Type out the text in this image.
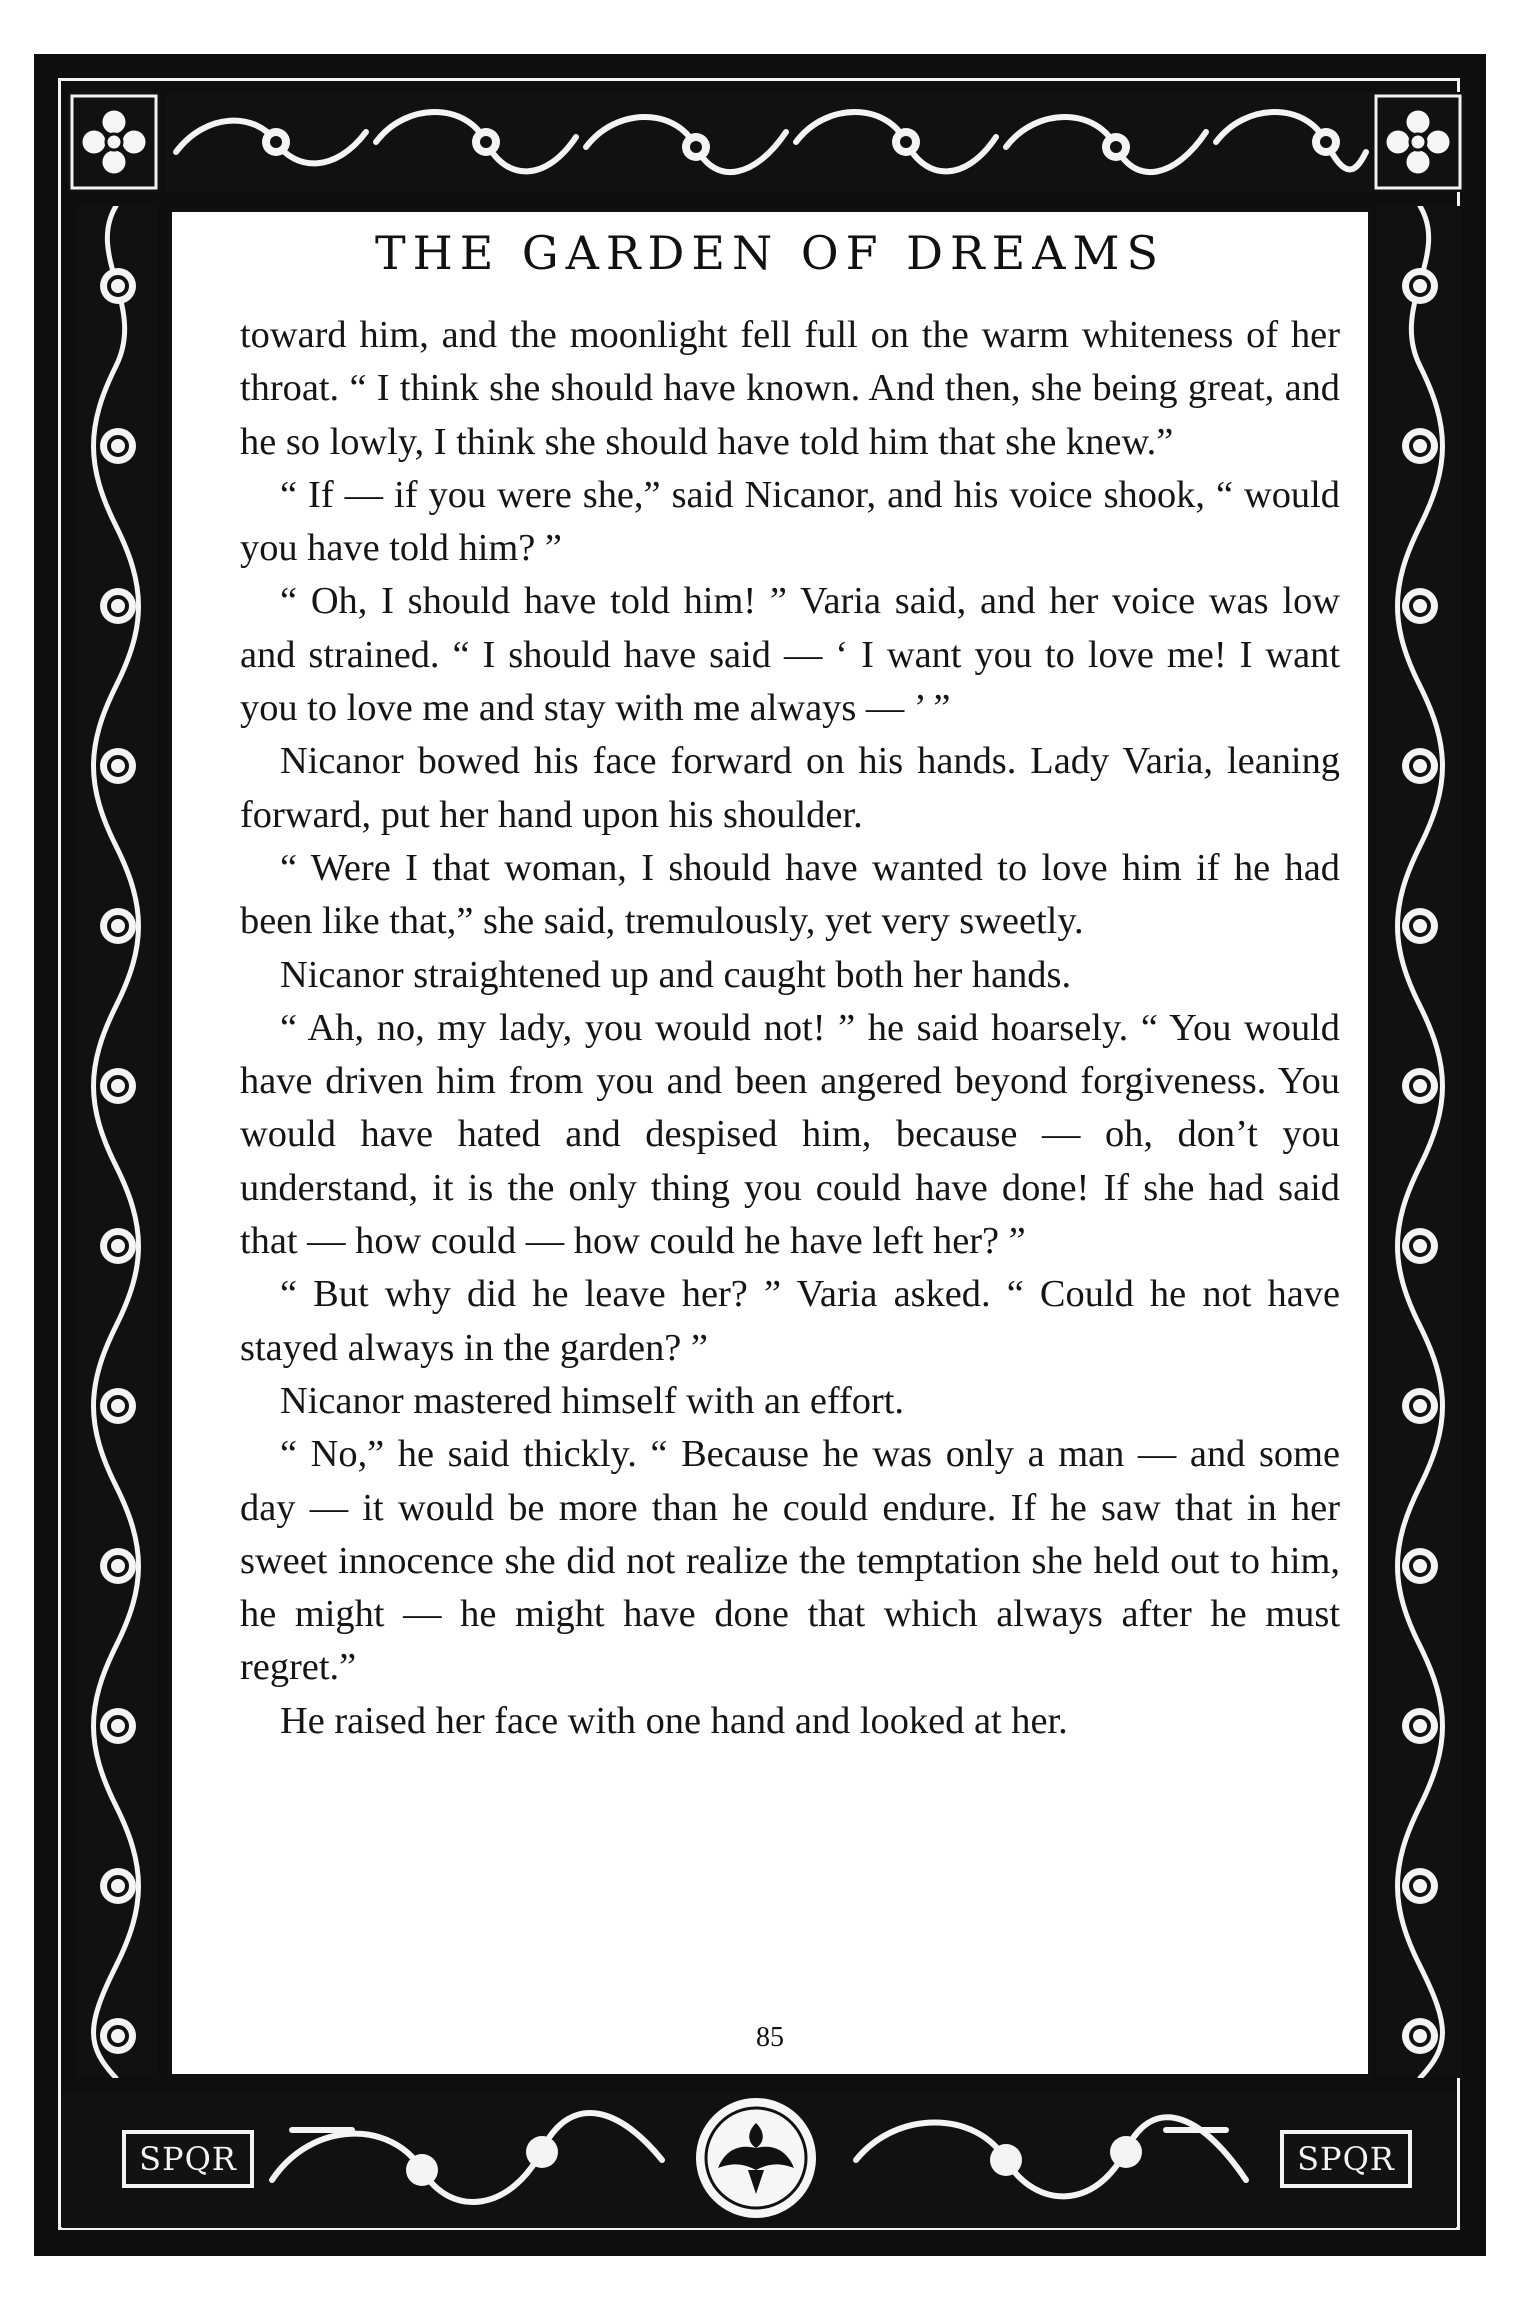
SPQR	SPQR
THE GARDEN OF DREAMS

toward him, and the moonlight fell full on the warm whiteness of her throat. “ I think she should have known. And then, she being great, and he so lowly, I think she should have told him that she knew.”

“ If — if you were she,” said Nicanor, and his voice shook, “ would you have told him? ”

“ Oh, I should have told him! ” Varia said, and her voice was low and strained. “ I should have said — ‘ I want you to love me! I want you to love me and stay with me always — ’ ”

Nicanor bowed his face forward on his hands. Lady Varia, leaning forward, put her hand upon his shoulder.

“ Were I that woman, I should have wanted to love him if he had been like that,” she said, tremulously, yet very sweetly.

Nicanor straightened up and caught both her hands.

“ Ah, no, my lady, you would not! ” he said hoarsely. “ You would have driven him from you and been angered beyond forgiveness. You would have hated and despised him, because — oh, don’t you understand, it is the only thing you could have done! If she had said that — how could — how could he have left her? ”

“ But why did he leave her? ” Varia asked. “ Could he not have stayed always in the garden? ”

Nicanor mastered himself with an effort.

“ No,” he said thickly. “ Because he was only a man — and some day — it would be more than he could endure. If he saw that in her sweet innocence she did not realize the temptation she held out to him, he might — he might have done that which always after he must regret.”

He raised her face with one hand and looked at her.

85
